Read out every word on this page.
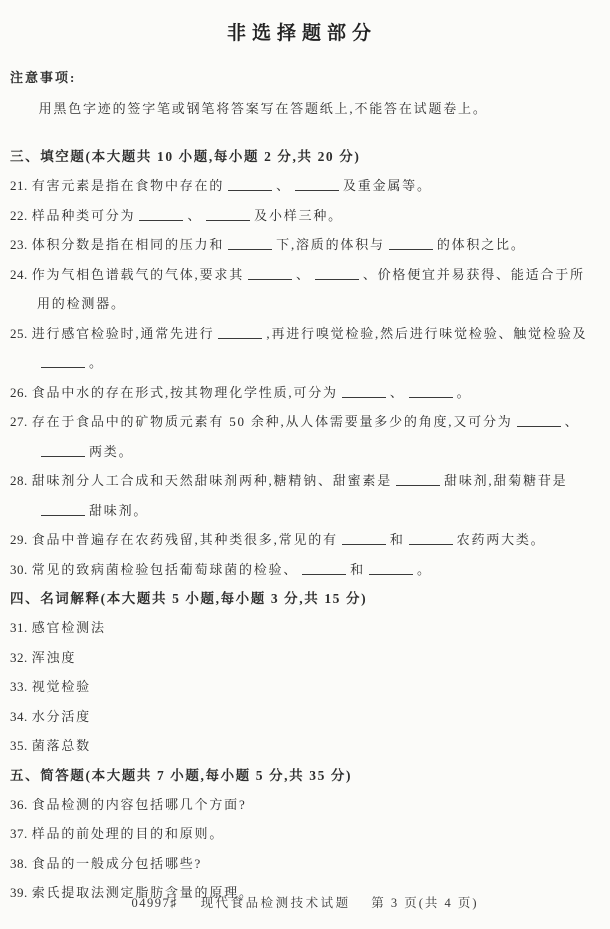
非选择题部分
注意事项:
用黑色字迹的签字笔或钢笔将答案写在答题纸上,不能答在试题卷上。
三、填空题(本大题共 10 小题,每小题 2 分,共 20 分)
21. 有害元素是指在食物中存在的	、	及重金属等。
22. 样品种类可分为	、	及小样三种。
23. 体积分数是指在相同的压力和	下,溶质的体积与	的体积之比。
24. 作为气相色谱载气的气体,要求其	、	、价格便宜并易获得、能适合于所用的检测器。
25. 进行感官检验时,通常先进行	,再进行嗅觉检验,然后进行味觉检验、触觉检验及。
26. 食品中水的存在形式,按其物理化学性质,可分为	、	。
27. 存在于食品中的矿物质元素有 50 余种,从人体需要量多少的角度,又可分为	、两类。
28. 甜味剂分人工合成和天然甜味剂两种,糖精钠、甜蜜素是	甜味剂,甜菊糖苷是甜味剂。
29. 食品中普遍存在农药残留,其种类很多,常见的有	和	农药两大类。
30. 常见的致病菌检验包括葡萄球菌的检验、	和	。
四、名词解释(本大题共 5 小题,每小题 3 分,共 15 分)
31. 感官检测法
32. 浑浊度
33. 视觉检验
34. 水分活度
35. 菌落总数
五、简答题(本大题共 7 小题,每小题 5 分,共 35 分)
36. 食品检测的内容包括哪几个方面?
37. 样品的前处理的目的和原则。
38. 食品的一般成分包括哪些?
39. 索氏提取法测定脂肪含量的原理。
04997♯ 现代食品检测技术试题 第 3 页(共 4 页)
